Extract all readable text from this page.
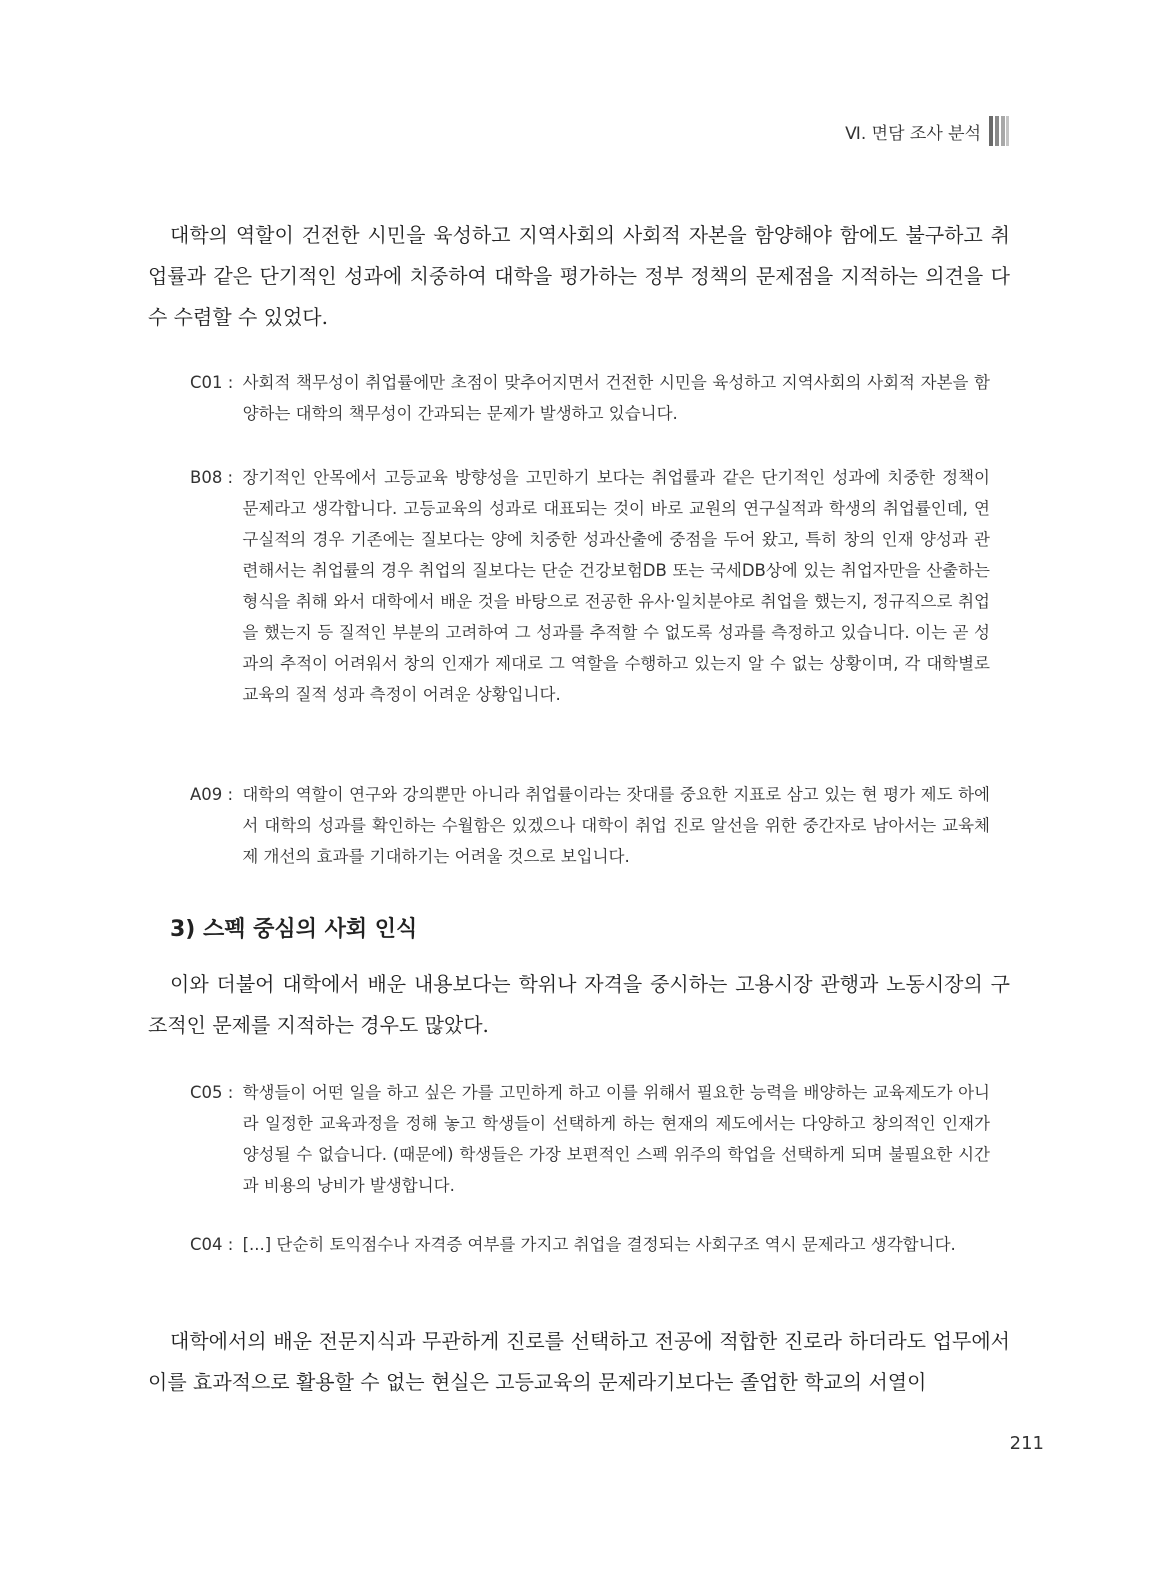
Ⅵ. 면담 조사 분석

대학의 역할이 건전한 시민을 육성하고 지역사회의 사회적 자본을 함양해야 함에도 불구하고 취업률과 같은 단기적인 성과에 치중하여 대학을 평가하는 정부 정책의 문제점을 지적하는 의견을 다수 수렴할 수 있었다.

C01 : 사회적 책무성이 취업률에만 초점이 맞추어지면서 건전한 시민을 육성하고 지역사회의 사회적 자본을 함양하는 대학의 책무성이 간과되는 문제가 발생하고 있습니다.
B08 : 장기적인 안목에서 고등교육 방향성을 고민하기 보다는 취업률과 같은 단기적인 성과에 치중한 정책이 문제라고 생각합니다. 고등교육의 성과로 대표되는 것이 바로 교원의 연구실적과 학생의 취업률인데, 연구실적의 경우 기존에는 질보다는 양에 치중한 성과산출에 중점을 두어 왔고, 특히 창의 인재 양성과 관련해서는 취업률의 경우 취업의 질보다는 단순 건강보험DB 또는 국세DB상에 있는 취업자만을 산출하는 형식을 취해 와서 대학에서 배운 것을 바탕으로 전공한 유사·일치분야로 취업을 했는지, 정규직으로 취업을 했는지 등 질적인 부분의 고려하여 그 성과를 추적할 수 없도록 성과를 측정하고 있습니다. 이는 곧 성과의 추적이 어려워서 창의 인재가 제대로 그 역할을 수행하고 있는지 알 수 없는 상황이며, 각 대학별로 교육의 질적 성과 측정이 어려운 상황입니다.
A09 : 대학의 역할이 연구와 강의뿐만 아니라 취업률이라는 잣대를 중요한 지표로 삼고 있는 현 평가 제도 하에서 대학의 성과를 확인하는 수월함은 있겠으나 대학이 취업 진로 알선을 위한 중간자로 남아서는 교육체제 개선의 효과를 기대하기는 어려울 것으로 보입니다.
3) 스펙 중심의 사회 인식

이와 더불어 대학에서 배운 내용보다는 학위나 자격을 중시하는 고용시장 관행과 노동시장의 구조적인 문제를 지적하는 경우도 많았다.

C05 : 학생들이 어떤 일을 하고 싶은 가를 고민하게 하고 이를 위해서 필요한 능력을 배양하는 교육제도가 아니라 일정한 교육과정을 정해 놓고 학생들이 선택하게 하는 현재의 제도에서는 다양하고 창의적인 인재가 양성될 수 없습니다. (때문에) 학생들은 가장 보편적인 스펙 위주의 학업을 선택하게 되며 불필요한 시간과 비용의 낭비가 발생합니다.
C04 : [...] 단순히 토익점수나 자격증 여부를 가지고 취업을 결정되는 사회구조 역시 문제라고 생각합니다.

대학에서의 배운 전문지식과 무관하게 진로를 선택하고 전공에 적합한 진로라 하더라도 업무에서 이를 효과적으로 활용할 수 없는 현실은 고등교육의 문제라기보다는 졸업한 학교의 서열이

211
